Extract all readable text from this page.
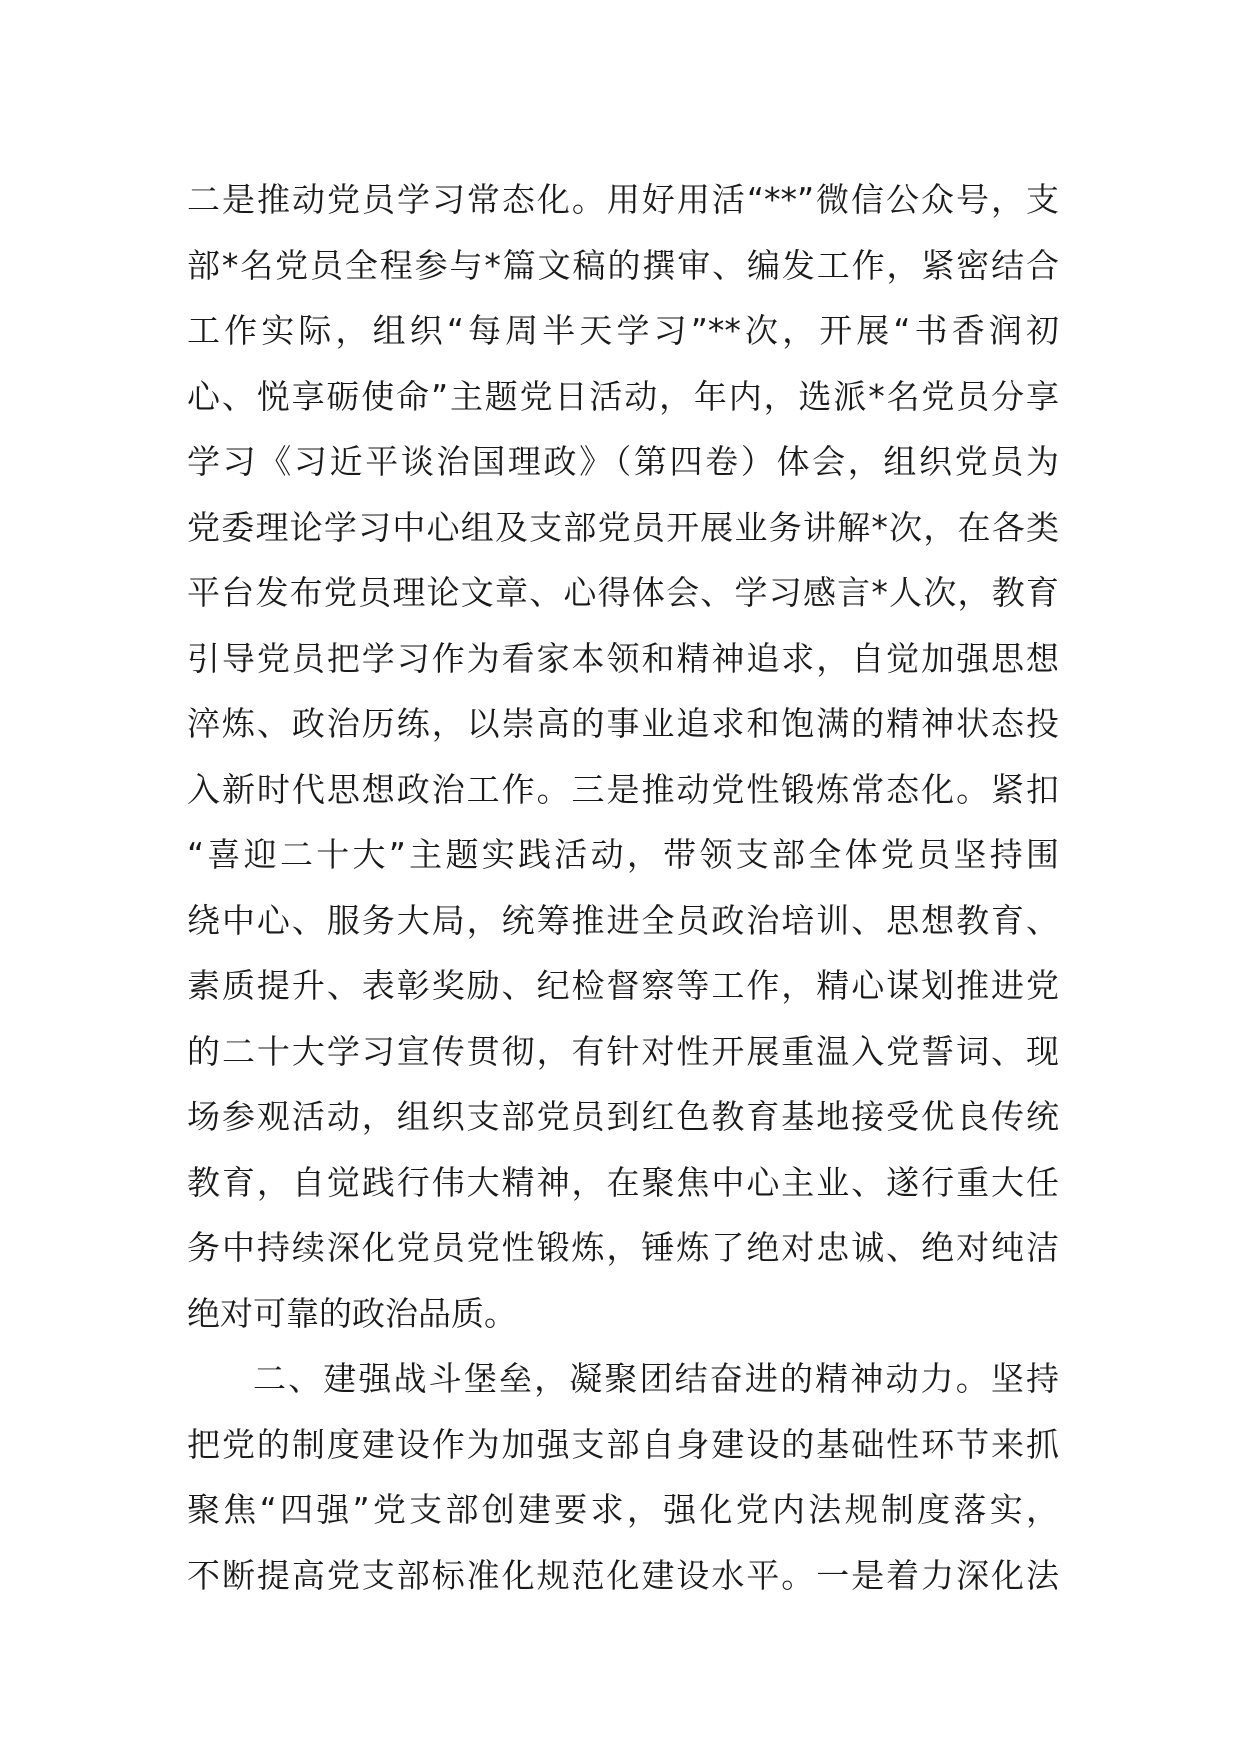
二是推动党员学习常态化。用好用活“**”微信公众号，支
部*名党员全程参与*篇文稿的撰审、编发工作，紧密结合
工作实际，组织“每周半天学习”**次，开展“书香润初
心、悦享砺使命”主题党日活动，年内，选派*名党员分享
学习《习近平谈治国理政》（第四卷）体会，组织党员为
党委理论学习中心组及支部党员开展业务讲解*次，在各类
平台发布党员理论文章、心得体会、学习感言*人次，教育
引导党员把学习作为看家本领和精神追求，自觉加强思想
淬炼、政治历练，以崇高的事业追求和饱满的精神状态投
入新时代思想政治工作。三是推动党性锻炼常态化。紧扣
“喜迎二十大”主题实践活动，带领支部全体党员坚持围
绕中心、服务大局，统筹推进全员政治培训、思想教育、
素质提升、表彰奖励、纪检督察等工作，精心谋划推进党
的二十大学习宣传贯彻，有针对性开展重温入党誓词、现
场参观活动，组织支部党员到红色教育基地接受优良传统
教育，自觉践行伟大精神，在聚焦中心主业、遂行重大任
务中持续深化党员党性锻炼，锤炼了绝对忠诚、绝对纯洁
绝对可靠的政治品质。
二、建强战斗堡垒，凝聚团结奋进的精神动力。坚持
把党的制度建设作为加强支部自身建设的基础性环节来抓
聚焦“四强”党支部创建要求，强化党内法规制度落实，
不断提高党支部标准化规范化建设水平。一是着力深化法
